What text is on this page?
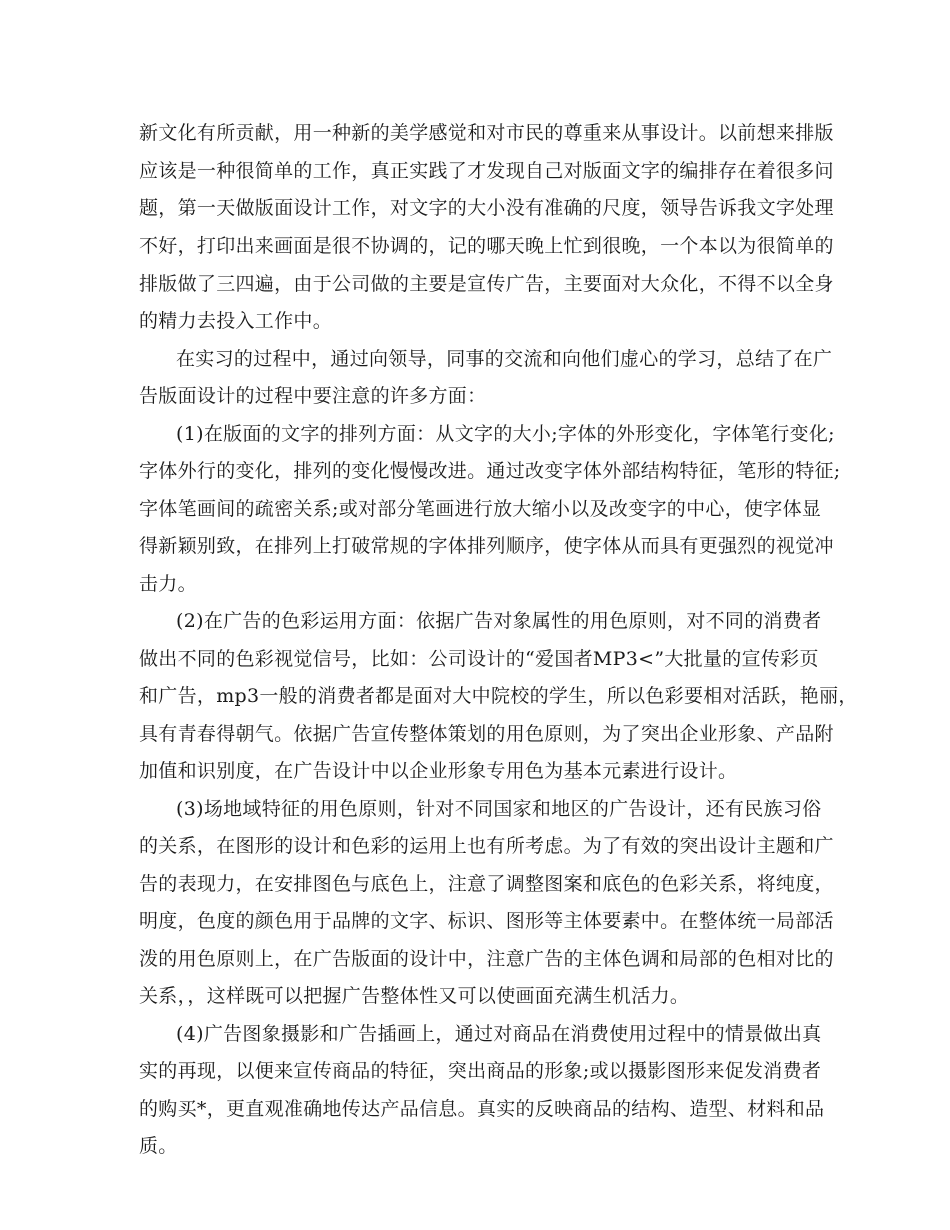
新文化有所贡献，用一种新的美学感觉和对市民的尊重来从事设计。以前想来排版
应该是一种很简单的工作，真正实践了才发现自己对版面文字的编排存在着很多问
题，第一天做版面设计工作，对文字的大小没有准确的尺度，领导告诉我文字处理
不好，打印出来画面是很不协调的，记的哪天晚上忙到很晚，一个本以为很简单的
排版做了三四遍，由于公司做的主要是宣传广告，主要面对大众化，不得不以全身
的精力去投入工作中。
在实习的过程中，通过向领导，同事的交流和向他们虚心的学习，总结了在广
告版面设计的过程中要注意的许多方面：
(1)在版面的文字的排列方面：从文字的大小;字体的外形变化，字体笔行变化;
字体外行的变化，排列的变化慢慢改进。通过改变字体外部结构特征，笔形的特征;
字体笔画间的疏密关系;或对部分笔画进行放大缩小以及改变字的中心，使字体显
得新颖别致，在排列上打破常规的字体排列顺序，使字体从而具有更强烈的视觉冲
击力。
(2)在广告的色彩运用方面：依据广告对象属性的用色原则，对不同的消费者
做出不同的色彩视觉信号，比如：公司设计的“爱国者MP3<”大批量的宣传彩页
和广告，mp3一般的消费者都是面对大中院校的学生，所以色彩要相对活跃，艳丽，
具有青春得朝气。依据广告宣传整体策划的用色原则，为了突出企业形象、产品附
加值和识别度，在广告设计中以企业形象专用色为基本元素进行设计。
(3)场地域特征的用色原则，针对不同国家和地区的广告设计，还有民族习俗
的关系，在图形的设计和色彩的运用上也有所考虑。为了有效的突出设计主题和广
告的表现力，在安排图色与底色上，注意了调整图案和底色的色彩关系，将纯度，
明度，色度的颜色用于品牌的文字、标识、图形等主体要素中。在整体统一局部活
泼的用色原则上，在广告版面的设计中，注意广告的主体色调和局部的色相对比的
关系，，这样既可以把握广告整体性又可以使画面充满生机活力。
(4)广告图象摄影和广告插画上，通过对商品在消费使用过程中的情景做出真
实的再现，以便来宣传商品的特征，突出商品的形象;或以摄影图形来促发消费者
的购买*，更直观准确地传达产品信息。真实的反映商品的结构、造型、材料和品
质。
